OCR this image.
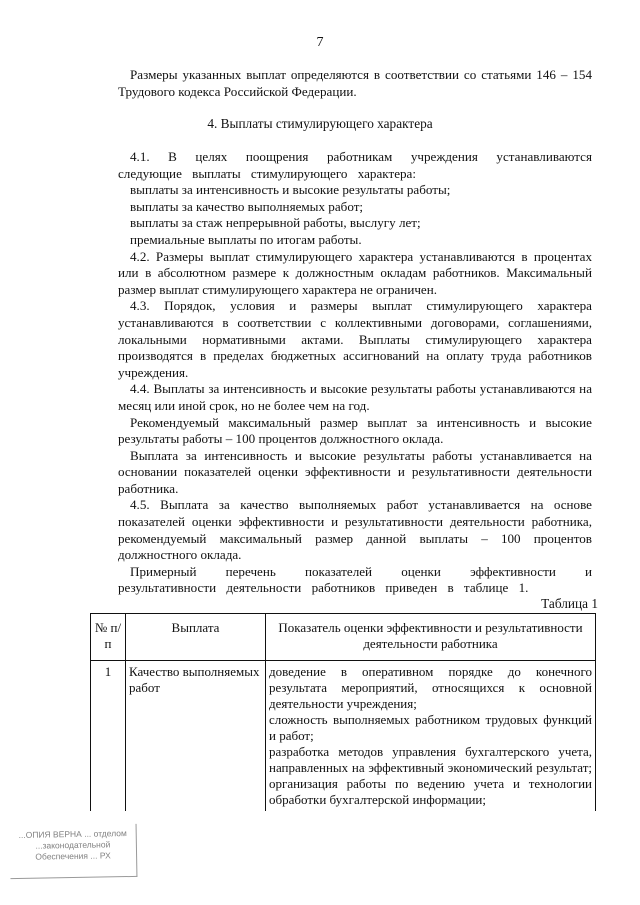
7

Размеры указанных выплат определяются в соответствии со статьями 146 – 154 Трудового кодекса Российской Федерации.

4. Выплаты стимулирующего характера

4.1. В целях поощрения работникам учреждения устанавливаются следующие выплаты стимулирующего характера:

выплаты за интенсивность и высокие результаты работы;

выплаты за качество выполняемых работ;

выплаты за стаж непрерывной работы, выслугу лет;

премиальные выплаты по итогам работы.

4.2. Размеры выплат стимулирующего характера устанавливаются в процентах или в абсолютном размере к должностным окладам работников. Максимальный размер выплат стимулирующего характера не ограничен.

4.3. Порядок, условия и размеры выплат стимулирующего характера устанавливаются в соответствии с коллективными договорами, соглашениями, локальными нормативными актами. Выплаты стимулирующего характера производятся в пределах бюджетных ассигнований на оплату труда работников учреждения.

4.4. Выплаты за интенсивность и высокие результаты работы устанавливаются на месяц или иной срок, но не более чем на год.

Рекомендуемый максимальный размер выплат за интенсивность и высокие результаты работы – 100 процентов должностного оклада.

Выплата за интенсивность и высокие результаты работы устанавливается на основании показателей оценки эффективности и результативности деятельности работника.

4.5. Выплата за качество выполняемых работ устанавливается на основе показателей оценки эффективности и результативности деятельности работника, рекомендуемый максимальный размер данной выплаты – 100 процентов должностного оклада.

Примерный перечень показателей оценки эффективности и результативности деятельности работников приведен в таблице 1.

Таблица 1
№ п/п	Выплата	Показатель оценки эффективности и результативности деятельности работника
1	Качество выполняемых работ	доведение в оперативном порядке до конечного результата мероприятий, относящихся к основной деятельности учреждения;
сложность выполняемых работником трудовых функций и работ;
разработка методов управления бухгалтерского учета, направленных на эффективный экономический результат; организация работы по ведению учета и технологии обработки бухгалтерской информации;
...ОПИЯ ВЕРНА ... отделом
...законодательной
Обеспечения ... РХ
